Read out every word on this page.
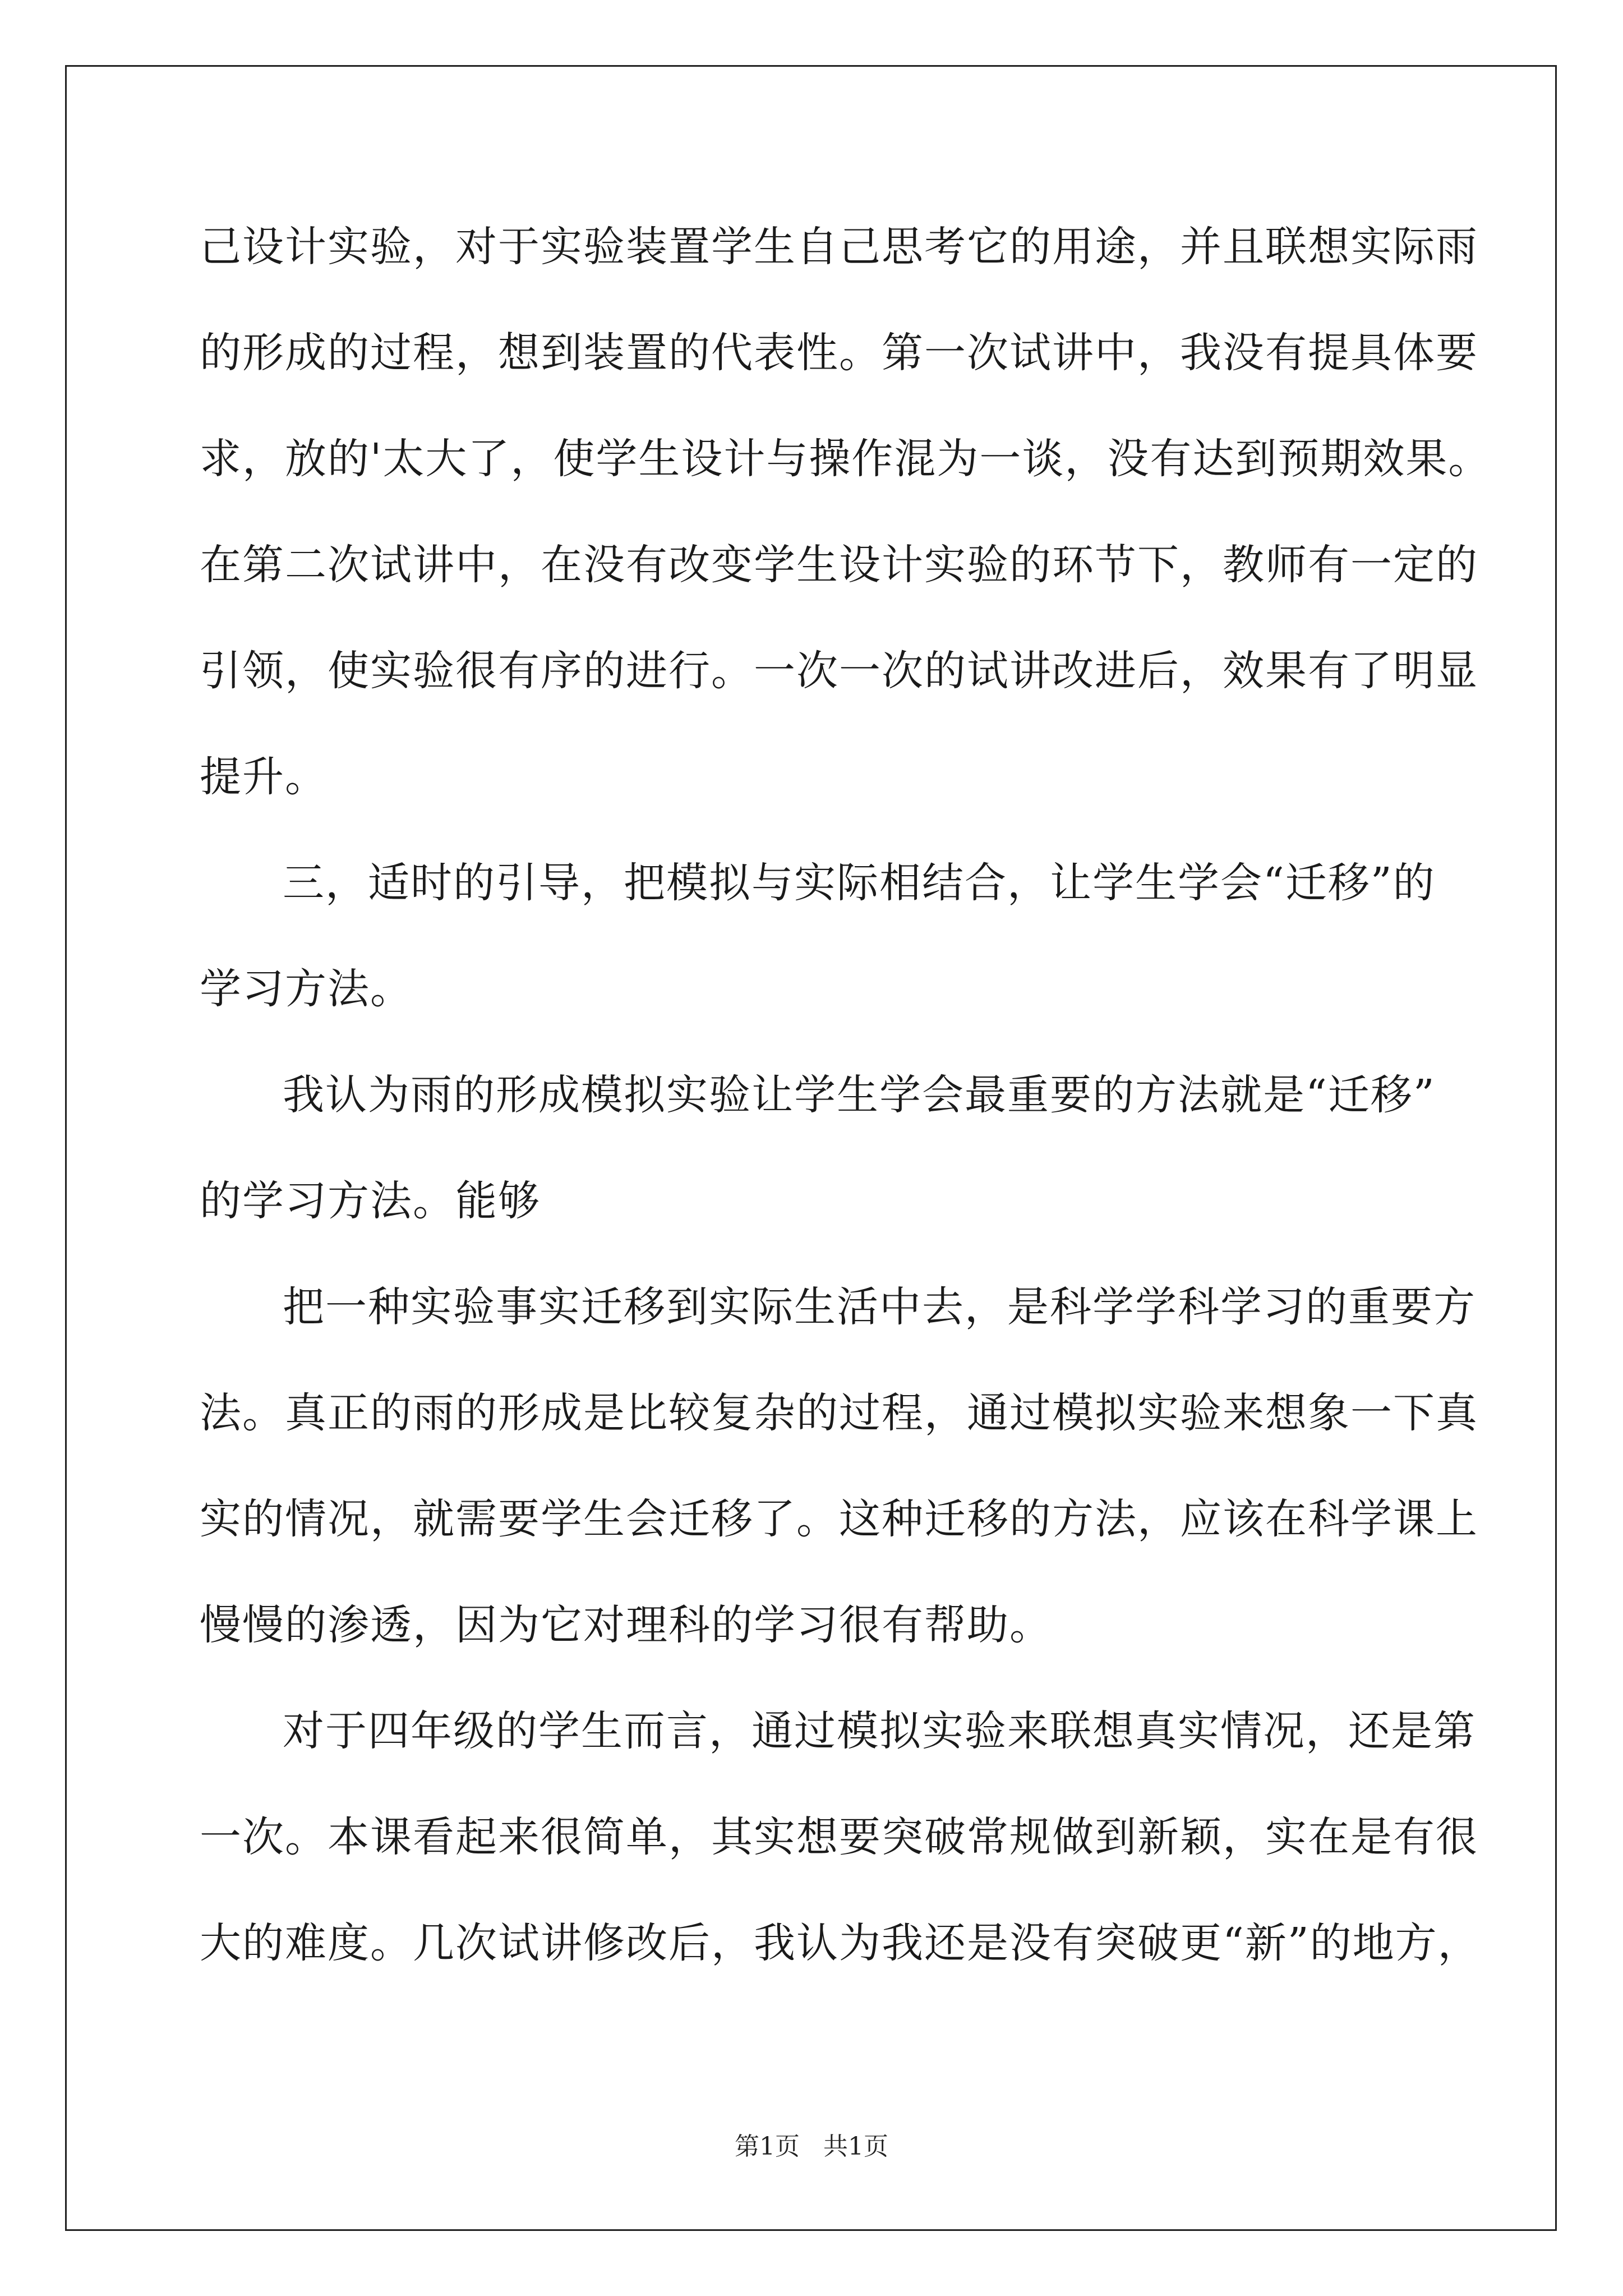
己设计实验，对于实验装置学生自己思考它的用途，并且联想实际雨
的形成的过程，想到装置的代表性。第一次试讲中，我没有提具体要
求，放的'太大了，使学生设计与操作混为一谈，没有达到预期效果。
在第二次试讲中，在没有改变学生设计实验的环节下，教师有一定的
引领，使实验很有序的进行。一次一次的试讲改进后，效果有了明显
提升。
三，适时的引导，把模拟与实际相结合，让学生学会“迁移”的
学习方法。
我认为雨的形成模拟实验让学生学会最重要的方法就是“迁移”
的学习方法。能够
把一种实验事实迁移到实际生活中去，是科学学科学习的重要方
法。真正的雨的形成是比较复杂的过程，通过模拟实验来想象一下真
实的情况，就需要学生会迁移了。这种迁移的方法，应该在科学课上
慢慢的渗透，因为它对理科的学习很有帮助。
对于四年级的学生而言，通过模拟实验来联想真实情况，还是第
一次。本课看起来很简单，其实想要突破常规做到新颖，实在是有很
大的难度。几次试讲修改后，我认为我还是没有突破更“新”的地方，
第1页   共1页
